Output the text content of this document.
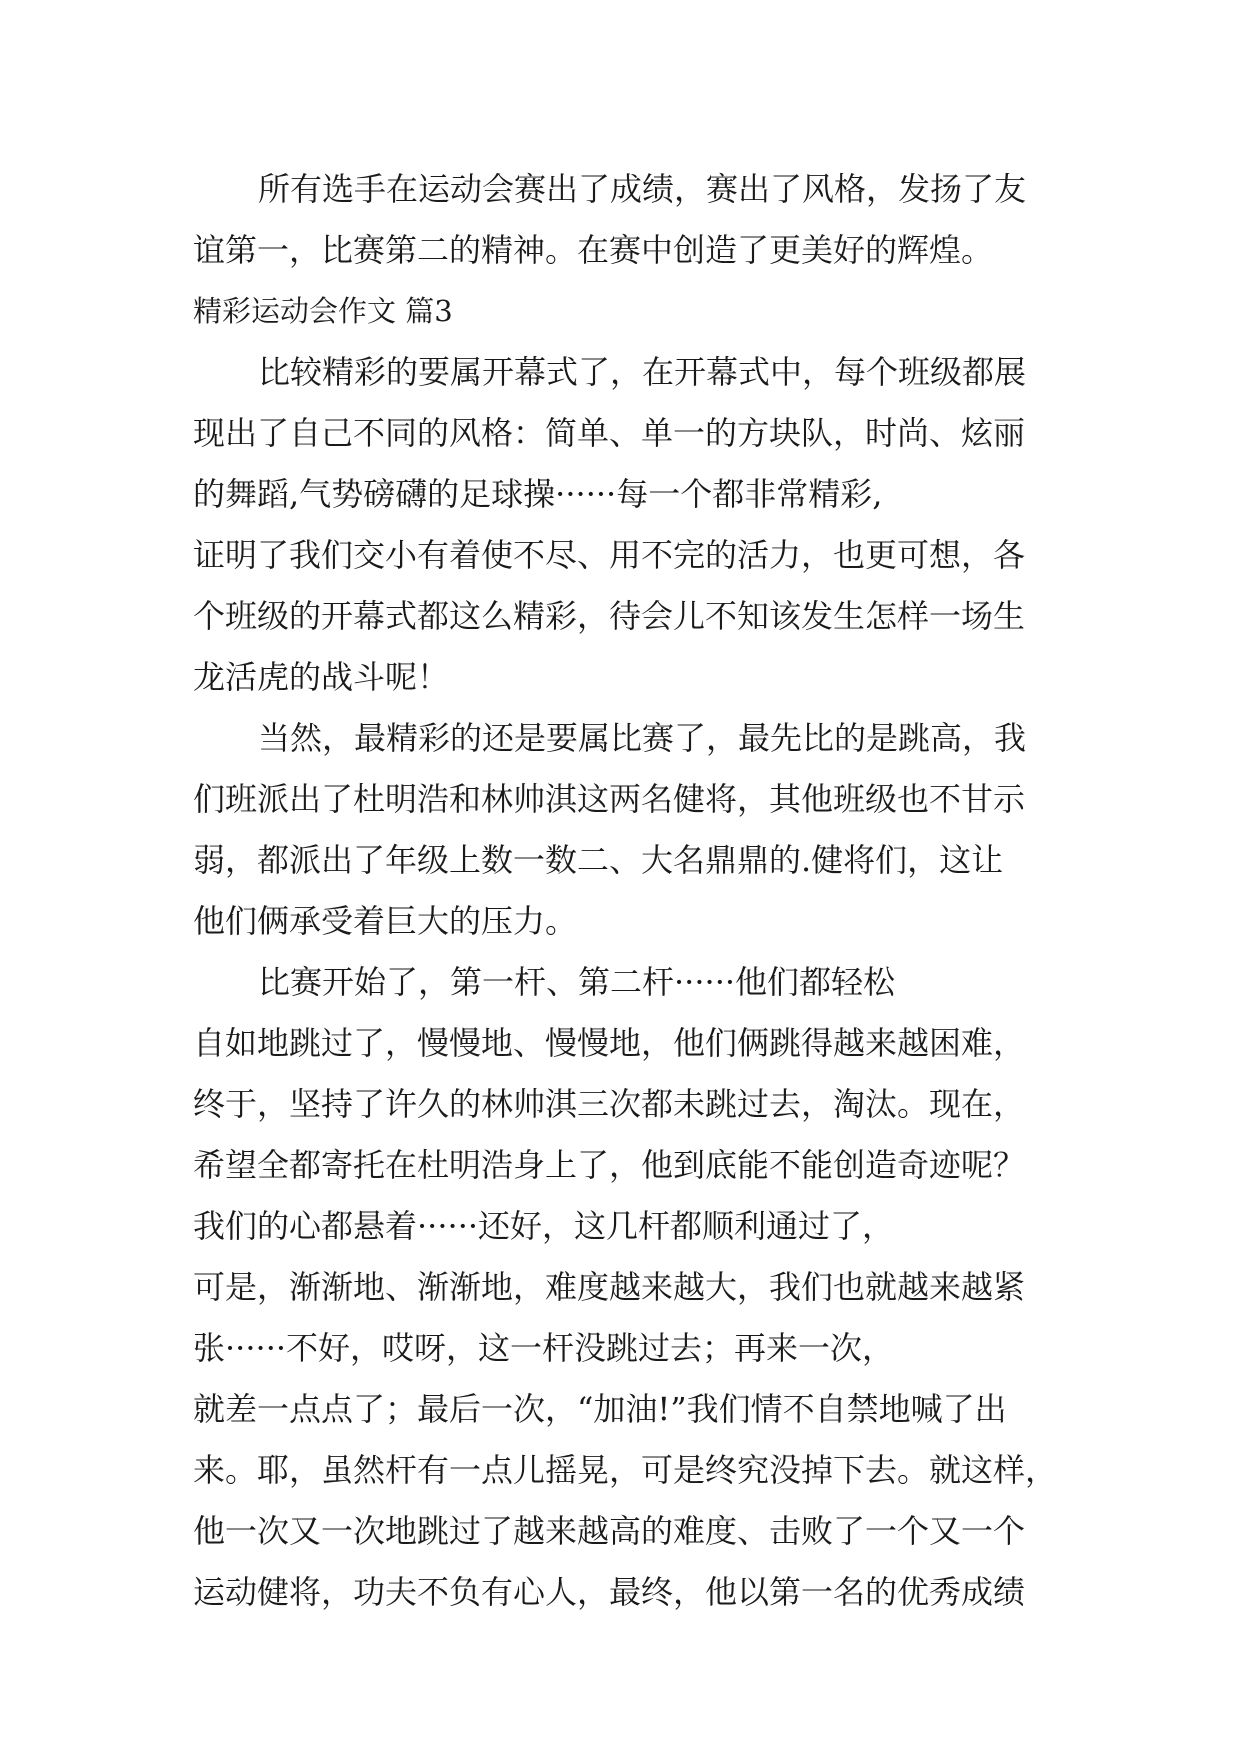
所有选手在运动会赛出了成绩，赛出了风格，发扬了友
谊第一，比赛第二的精神。在赛中创造了更美好的辉煌。
精彩运动会作文 篇3
比较精彩的要属开幕式了，在开幕式中，每个班级都展
现出了自己不同的风格：简单、单一的方块队，时尚、炫丽
的舞蹈,气势磅礴的足球操······每一个都非常精彩,
证明了我们交小有着使不尽、用不完的活力，也更可想，各
个班级的开幕式都这么精彩，待会儿不知该发生怎样一场生
龙活虎的战斗呢！
当然，最精彩的还是要属比赛了，最先比的是跳高，我
们班派出了杜明浩和林帅淇这两名健将，其他班级也不甘示
弱，都派出了年级上数一数二、大名鼎鼎的.健将们，这让
他们俩承受着巨大的压力。
比赛开始了，第一杆、第二杆······他们都轻松
自如地跳过了，慢慢地、慢慢地，他们俩跳得越来越困难，
终于，坚持了许久的林帅淇三次都未跳过去，淘汰。现在，
希望全都寄托在杜明浩身上了，他到底能不能创造奇迹呢？
我们的心都悬着······还好，这几杆都顺利通过了，
可是，渐渐地、渐渐地，难度越来越大，我们也就越来越紧
张······不好，哎呀，这一杆没跳过去；再来一次，
就差一点点了；最后一次，“加油!”我们情不自禁地喊了出
来。耶，虽然杆有一点儿摇晃，可是终究没掉下去。就这样，
他一次又一次地跳过了越来越高的难度、击败了一个又一个
运动健将，功夫不负有心人，最终，他以第一名的优秀成绩
